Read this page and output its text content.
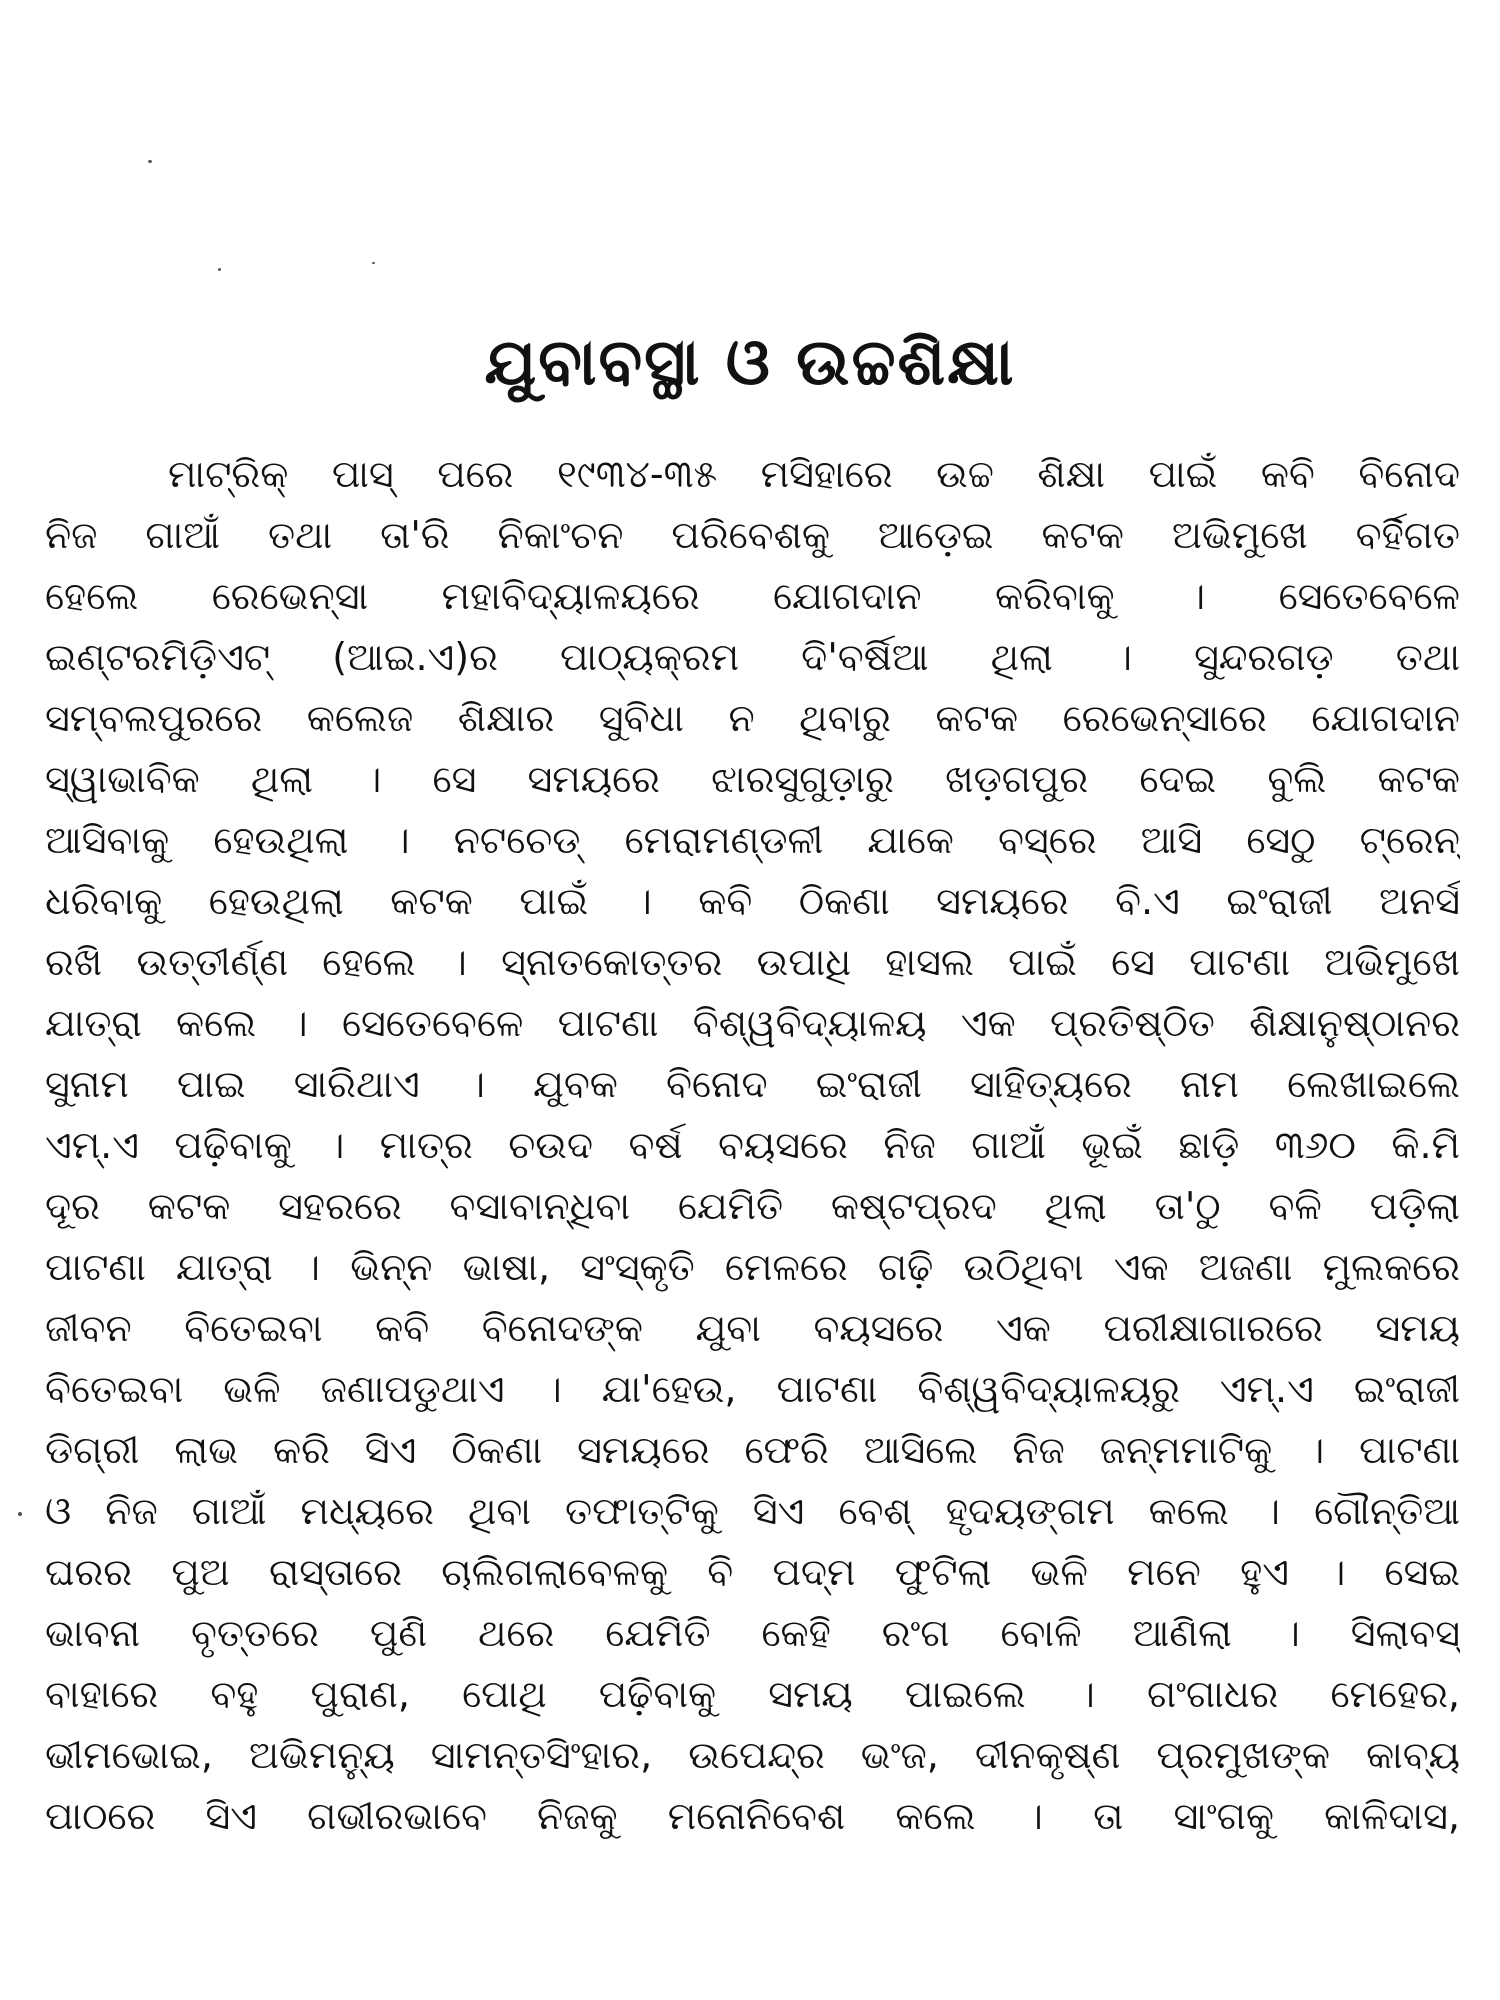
ଯୁବାବସ୍ଥା ଓ ଉଚ୍ଚଶିକ୍ଷା
ମାଟ୍ରିକ୍ ପାସ୍ ପରେ ୧୯୩୪-୩୫ ମସିହାରେ ଉଚ୍ଚ ଶିକ୍ଷା ପାଇଁ କବି ବିନୋଦ
ନିଜ ଗାଆଁ ତଥା ତା'ରି ନିକାଂଚନ ପରିବେଶକୁ ଆଡ଼େଇ କଟକ ଅଭିମୁଖେ ବର୍ହିଗତ
ହେଲେ ରେଭେନ୍‌ସା ମହାବିଦ୍ୟାଳୟରେ ଯୋଗଦାନ କରିବାକୁ । ସେତେବେଳେ
ଇଣ୍ଟରମିଡ଼ିଏଟ୍ (ଆଇ.ଏ)ର ପାଠ୍ୟକ୍ରମ ଦି'ବର୍ଷିଆ ଥିଲା । ସୁନ୍ଦରଗଡ଼ ତଥା
ସମ୍ବଲପୁରରେ କଲେଜ ଶିକ୍ଷାର ସୁବିଧା ନ ଥିବାରୁ କଟକ ରେଭେନ୍‌ସାରେ ଯୋଗଦାନ
ସ୍ୱାଭାବିକ ଥିଲା । ସେ ସମୟରେ ଝାରସୁଗୁଡ଼ାରୁ ଖଡ଼ଗପୁର ଦେଇ ବୁଲି କଟକ
ଆସିବାକୁ ହେଉଥିଲା । ନଟଚେଡ୍ ମେରାମଣ୍ଡଳୀ ଯାକେ ବସ୍‌ରେ ଆସି ସେଠୁ ଟ୍ରେନ୍
ଧରିବାକୁ ହେଉଥିଲା କଟକ ପାଇଁ । କବି ଠିକଣା ସମୟରେ ବି.ଏ ଇଂରାଜୀ ଅନର୍ସ
ରଖି ଉତ୍ତୀର୍ଣ୍ଣ ହେଲେ । ସ୍ନାତକୋତ୍ତର ଉପାଧି ହାସଲ ପାଇଁ ସେ ପାଟଣା ଅଭିମୁଖେ
ଯାତ୍ରା କଲେ । ସେତେବେଳେ ପାଟଣା ବିଶ୍ୱବିଦ୍ୟାଳୟ ଏକ ପ୍ରତିଷ୍ଠିତ ଶିକ୍ଷାନୁଷ୍ଠାନର
ସୁନାମ ପାଇ ସାରିଥାଏ । ଯୁବକ ବିନୋଦ ଇଂରାଜୀ ସାହିତ୍ୟରେ ନାମ ଲେଖାଇଲେ
ଏମ୍.ଏ ପଢ଼ିବାକୁ । ମାତ୍ର ଚଉଦ ବର୍ଷ ବୟସରେ ନିଜ ଗାଆଁ ଭୂଇଁ ଛାଡ଼ି ୩୬୦ କି.ମି
ଦୂର କଟକ ସହରରେ ବସାବାନ୍ଧିବା ଯେମିତି କଷ୍ଟପ୍ରଦ ଥିଲା ତା'ଠୁ ବଳି ପଡ଼ିଲା
ପାଟଣା ଯାତ୍ରା । ଭିନ୍ନ ଭାଷା, ସଂସ୍କୃତି ମେଳରେ ଗଢ଼ି ଉଠିଥିବା ଏକ ଅଜଣା ମୁଲକରେ
ଜୀବନ ବିତେଇବା କବି ବିନୋଦଙ୍କ ଯୁବା ବୟସରେ ଏକ ପରୀକ୍ଷାଗାରରେ ସମୟ
ବିତେଇବା ଭଳି ଜଣାପଡୁଥାଏ । ଯା'ହେଉ, ପାଟଣା ବିଶ୍ୱବିଦ୍ୟାଳୟରୁ ଏମ୍.ଏ ଇଂରାଜୀ
ଡିଗ୍ରୀ ଲାଭ କରି ସିଏ ଠିକଣା ସମୟରେ ଫେରି ଆସିଲେ ନିଜ ଜନ୍ମମାଟିକୁ । ପାଟଣା
ଓ ନିଜ ଗାଆଁ ମଧ୍ୟରେ ଥିବା ତଫାତ୍‌ଟିକୁ ସିଏ ବେଶ୍ ହୃଦୟଙ୍ଗମ କଲେ । ଗୌନ୍ତିଆ
ଘରର ପୁଅ ରାସ୍ତାରେ ଚାଲିଗଲାବେଳକୁ ବି ପଦ୍ମ ଫୁଟିଲା ଭଳି ମନେ ହୁଏ । ସେଇ
ଭାବନା ବୃତ୍ତରେ ପୁଣି ଥରେ ଯେମିତି କେହି ରଂଗ ବୋଳି ଆଣିଲା । ସିଲାବସ୍
ବାହାରେ ବହୁ ପୁରାଣ, ପୋଥି ପଢ଼ିବାକୁ ସମୟ ପାଇଲେ । ଗଂଗାଧର ମେହେର,
ଭୀମଭୋଇ, ଅଭିମନ୍ୟୁ ସାମନ୍ତସିଂହାର, ଉପେନ୍ଦ୍ର ଭଂଜ, ଦୀନକୃଷ୍ଣ ପ୍ରମୁଖଙ୍କ କାବ୍ୟ
ପାଠରେ ସିଏ ଗଭୀରଭାବେ ନିଜକୁ ମନୋନିବେଶ କଲେ । ତା ସାଂଗକୁ କାଳିଦାସ,
